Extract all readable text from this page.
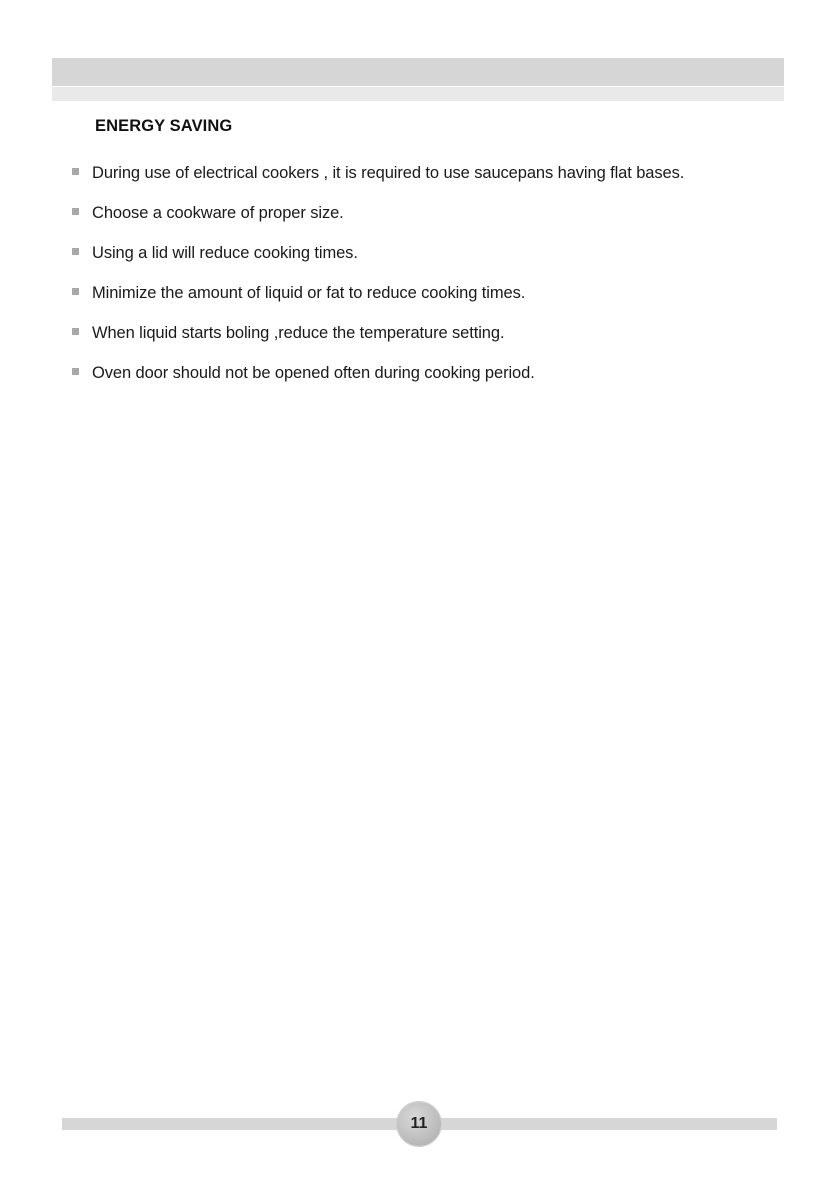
ENERGY SAVING
During use of electrical cookers , it is required to use saucepans having flat bases.
Choose a cookware of proper size.
Using a lid will reduce cooking times.
Minimize the amount of liquid or fat to reduce cooking times.
When liquid starts boling ,reduce the temperature setting.
Oven door should not be opened often during cooking period.
11
